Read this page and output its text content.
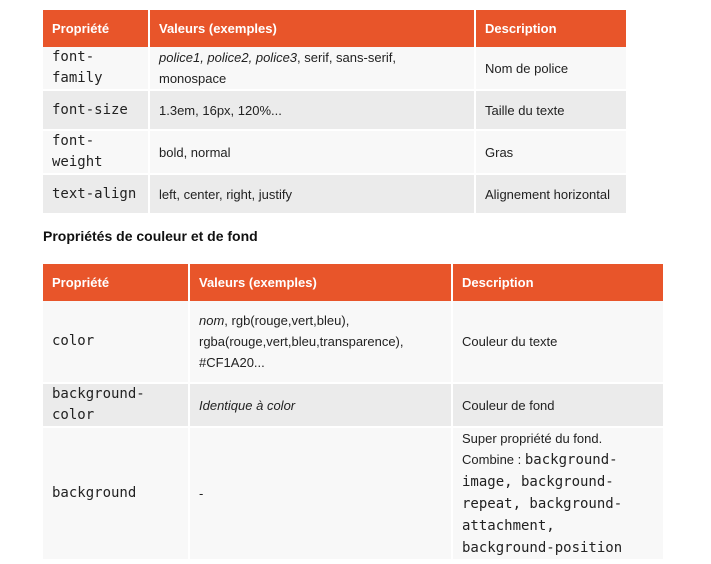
Propriété	Valeurs (exemples)	Description
font-family	police1, police2, police3, serif, sans-serif, monospace	Nom de police
font-size	1.3em, 16px, 120%...	Taille du texte
font-weight	bold, normal	Gras
text-align	left, center, right, justify	Alignement horizontal
Propriétés de couleur et de fond
Propriété	Valeurs (exemples)	Description
color	nom, rgb(rouge,vert,bleu), rgba(rouge,vert,bleu,transparence), #CF1A20...	Couleur du texte
background-color	Identique à color	Couleur de fond
background	-	Super propriété du fond. Combine : background-image, background-repeat, background-attachment, background-position
